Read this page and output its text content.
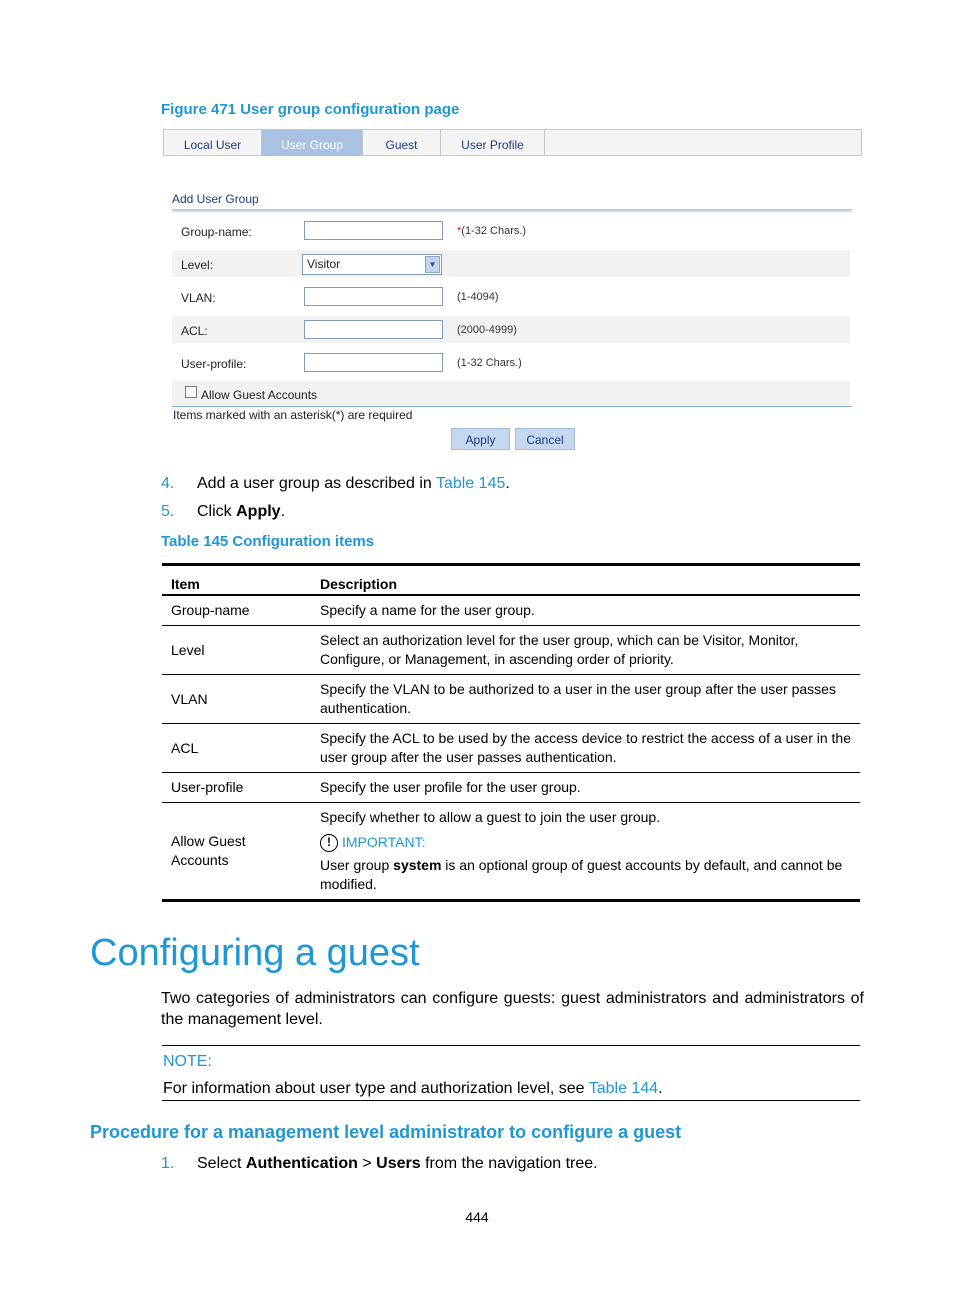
Figure 471 User group configuration page
Local User	User Group	Guest	User Profile
Add User Group
Group-name:	*(1-32 Chars.)
Level:	Visitor	▼
VLAN:	(1-4094)
ACL:	(2000-4999)
User-profile:	(1-32 Chars.)
Allow Guest Accounts
Items marked with an asterisk(*) are required
Apply	Cancel
4. Add a user group as described in Table 145.
5. Click Apply.
Table 145 Configuration items
Item	Description
Group-name	Specify a name for the user group.
Level	Select an authorization level for the user group, which can be Visitor, Monitor, Configure, or Management, in ascending order of priority.
VLAN	Specify the VLAN to be authorized to a user in the user group after the user passes authentication.
ACL	Specify the ACL to be used by the access device to restrict the access of a user in the user group after the user passes authentication.
User-profile	Specify the user profile for the user group.
Allow Guest Accounts	Specify whether to allow a guest to join the user group.
! IMPORTANT:
User group system is an optional group of guest accounts by default, and cannot be modified.
Configuring a guest
Two categories of administrators can configure guests: guest administrators and administrators of the management level.
NOTE:
For information about user type and authorization level, see Table 144.
Procedure for a management level administrator to configure a guest
1. Select Authentication > Users from the navigation tree.
444
